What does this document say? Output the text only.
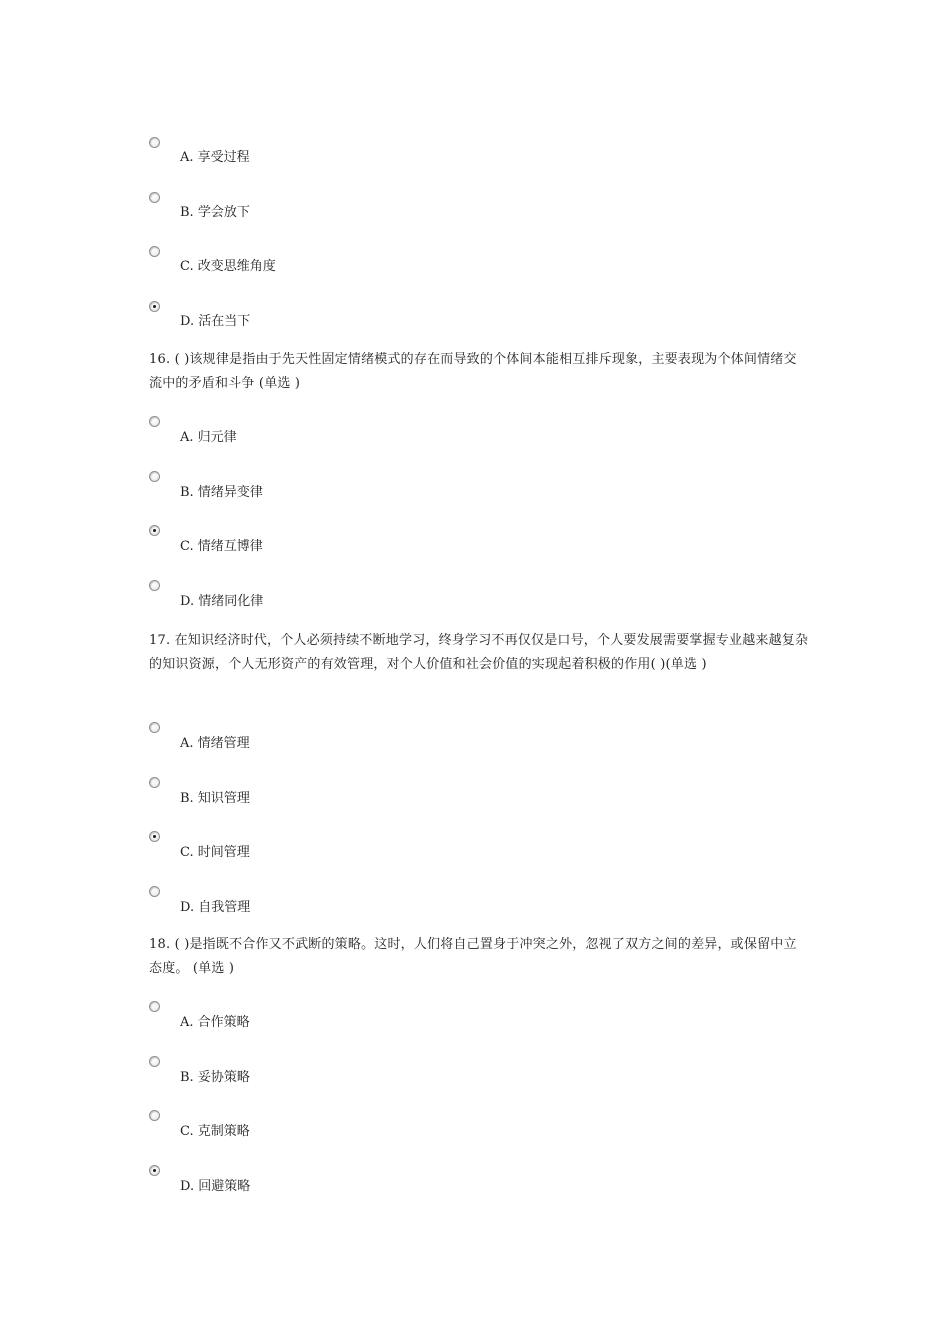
A. 享受过程
B. 学会放下
C. 改变思维角度
D. 活在当下
16. ( )该规律是指由于先天性固定情绪模式的存在而导致的个体间本能相互排斥现象，主要表现为个体间情绪交流中的矛盾和斗争 (单选 )
A. 归元律
B. 情绪异变律
C. 情绪互博律
D. 情绪同化律
17. 在知识经济时代，个人必须持续不断地学习，终身学习不再仅仅是口号，个人要发展需要掌握专业越来越复杂的知识资源，个人无形资产的有效管理，对个人价值和社会价值的实现起着积极的作用( )(单选 )
A. 情绪管理
B. 知识管理
C. 时间管理
D. 自我管理
18. ( )是指既不合作又不武断的策略。这时，人们将自己置身于冲突之外，忽视了双方之间的差异，或保留中立态度。 (单选 )
A. 合作策略
B. 妥协策略
C. 克制策略
D. 回避策略
